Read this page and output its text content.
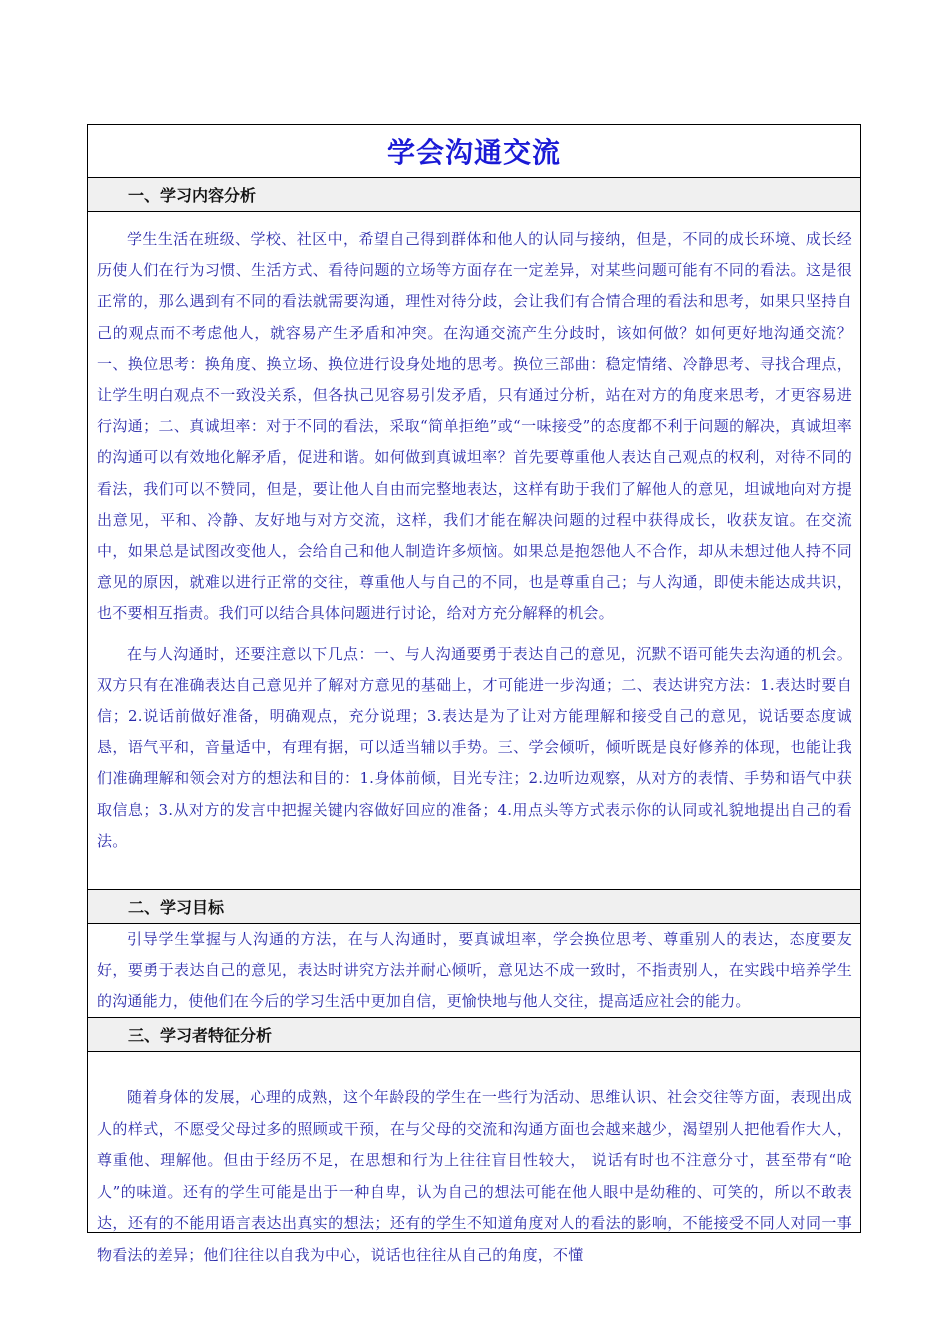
学会沟通交流
一、学习内容分析

学生生活在班级、学校、社区中，希望自己得到群体和他人的认同与接纳，但是，不同的成长环境、成长经历使人们在行为习惯、生活方式、看待问题的立场等方面存在一定差异，对某些问题可能有不同的看法。这是很正常的，那么遇到有不同的看法就需要沟通，理性对待分歧，会让我们有合情合理的看法和思考，如果只坚持自己的观点而不考虑他人，就容易产生矛盾和冲突。在沟通交流产生分歧时，该如何做？如何更好地沟通交流？一、换位思考：换角度、换立场、换位进行设身处地的思考。换位三部曲：稳定情绪、冷静思考、寻找合理点，让学生明白观点不一致没关系，但各执己见容易引发矛盾，只有通过分析，站在对方的角度来思考，才更容易进行沟通；二、真诚坦率：对于不同的看法，采取“简单拒绝”或“一味接受”的态度都不利于问题的解决，真诚坦率的沟通可以有效地化解矛盾，促进和谐。如何做到真诚坦率？首先要尊重他人表达自己观点的权利，对待不同的看法，我们可以不赞同，但是，要让他人自由而完整地表达，这样有助于我们了解他人的意见，坦诚地向对方提出意见，平和、冷静、友好地与对方交流，这样，我们才能在解决问题的过程中获得成长，收获友谊。在交流中，如果总是试图改变他人，会给自己和他人制造许多烦恼。如果总是抱怨他人不合作，却从未想过他人持不同意见的原因，就难以进行正常的交往，尊重他人与自己的不同，也是尊重自己；与人沟通，即使未能达成共识，也不要相互指责。我们可以结合具体问题进行讨论，给对方充分解释的机会。

在与人沟通时，还要注意以下几点：一、与人沟通要勇于表达自己的意见，沉默不语可能失去沟通的机会。双方只有在准确表达自己意见并了解对方意见的基础上，才可能进一步沟通；二、表达讲究方法：1.表达时要自信；2.说话前做好准备，明确观点，充分说理；3.表达是为了让对方能理解和接受自己的意见，说话要态度诚恳，语气平和，音量适中，有理有据，可以适当辅以手势。三、学会倾听，倾听既是良好修养的体现，也能让我们准确理解和领会对方的想法和目的：1.身体前倾，目光专注；2.边听边观察，从对方的表情、手势和语气中获取信息；3.从对方的发言中把握关键内容做好回应的准备；4.用点头等方式表示你的认同或礼貌地提出自己的看法。

二、学习目标

引导学生掌握与人沟通的方法，在与人沟通时，要真诚坦率，学会换位思考、尊重别人的表达，态度要友好，要勇于表达自己的意见，表达时讲究方法并耐心倾听，意见达不成一致时，不指责别人，在实践中培养学生的沟通能力，使他们在今后的学习生活中更加自信，更愉快地与他人交往，提高适应社会的能力。

三、学习者特征分析

随着身体的发展，心理的成熟，这个年龄段的学生在一些行为活动、思维认识、社会交往等方面，表现出成人的样式，不愿受父母过多的照顾或干预，在与父母的交流和沟通方面也会越来越少，渴望别人把他看作大人，尊重他、理解他。但由于经历不足，在思想和行为上往往盲目性较大， 说话有时也不注意分寸，甚至带有“呛人”的味道。还有的学生可能是出于一种自卑，认为自己的想法可能在他人眼中是幼稚的、可笑的，所以不敢表达，还有的不能用语言表达出真实的想法；还有的学生不知道角度对人的看法的影响，不能接受不同人对同一事物看法的差异；他们往往以自我为中心，说话也往往从自己的角度，不懂
